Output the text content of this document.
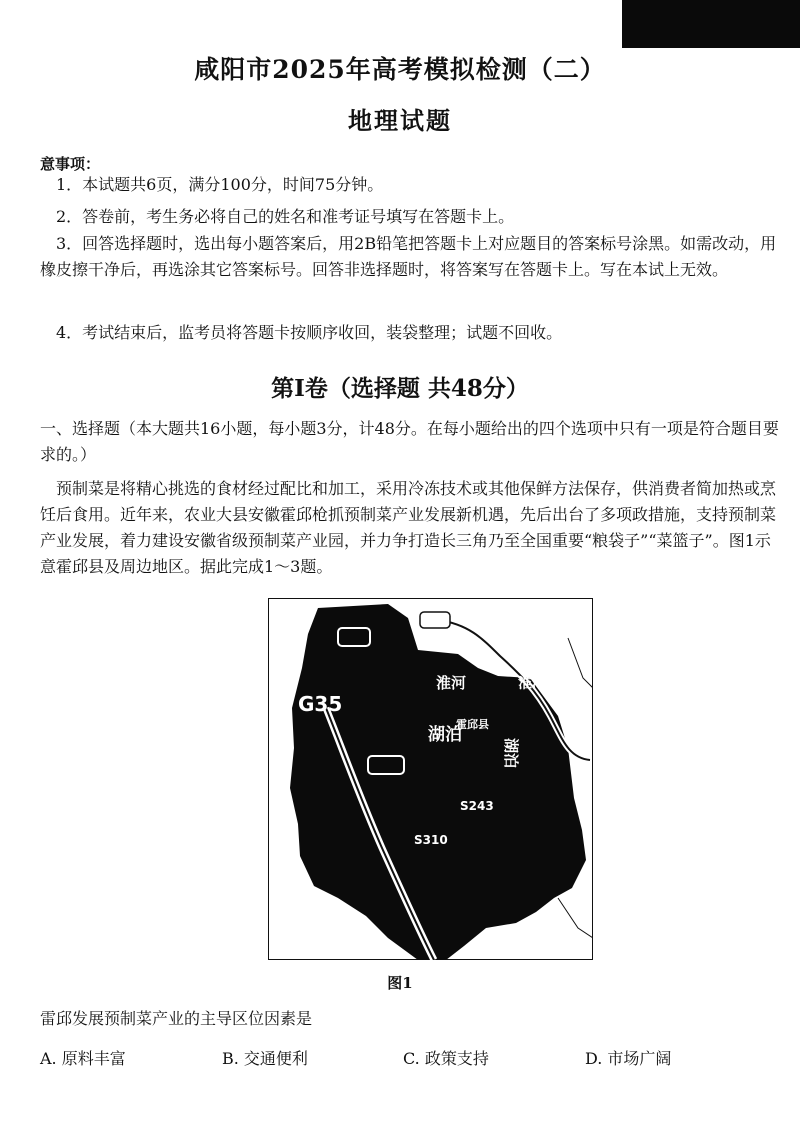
咸阳市2025年高考模拟检测（二）
地理试题
意事项：

1．本试题共6页，满分100分，时间75分钟。

2．答卷前，考生务必将自己的姓名和准考证号填写在答题卡上。

3．回答选择题时，选出每小题答案后，用2B铅笔把答题卡上对应题目的答案标号涂黑。如需改动，用橡皮擦干净后，再选涂其它答案标号。回答非选择题时，将答案写在答题卡上。写在本试上无效。

4．考试结束后，监考员将答题卡按顺序收回，装袋整理；试题不回收。

第Ⅰ卷（选择题 共48分）

一、选择题（本大题共16小题，每小题3分，计48分。在每小题给出的四个选项中只有一项是符合题目要求的。）

预制菜是将精心挑选的食材经过配比和加工，采用冷冻技术或其他保鲜方法保存，供消费者简加热或烹饪后食用。近年来，农业大县安徽霍邱枪抓预制菜产业发展新机遇，先后出台了多项政措施，支持预制菜产业发展，着力建设安徽省级预制菜产业园，并力争打造长三角乃至全国重要“粮袋子”“菜篮子”。图1示意霍邱县及周边地区。据此完成1～3题。

G35
淮河	淮河
湖泊
湖泊
霍邱县
S243
S310
图1
雷邱发展预制菜产业的主导区位因素是
A. 原料丰富	B. 交通便利	C. 政策支持	D. 市场广阔
